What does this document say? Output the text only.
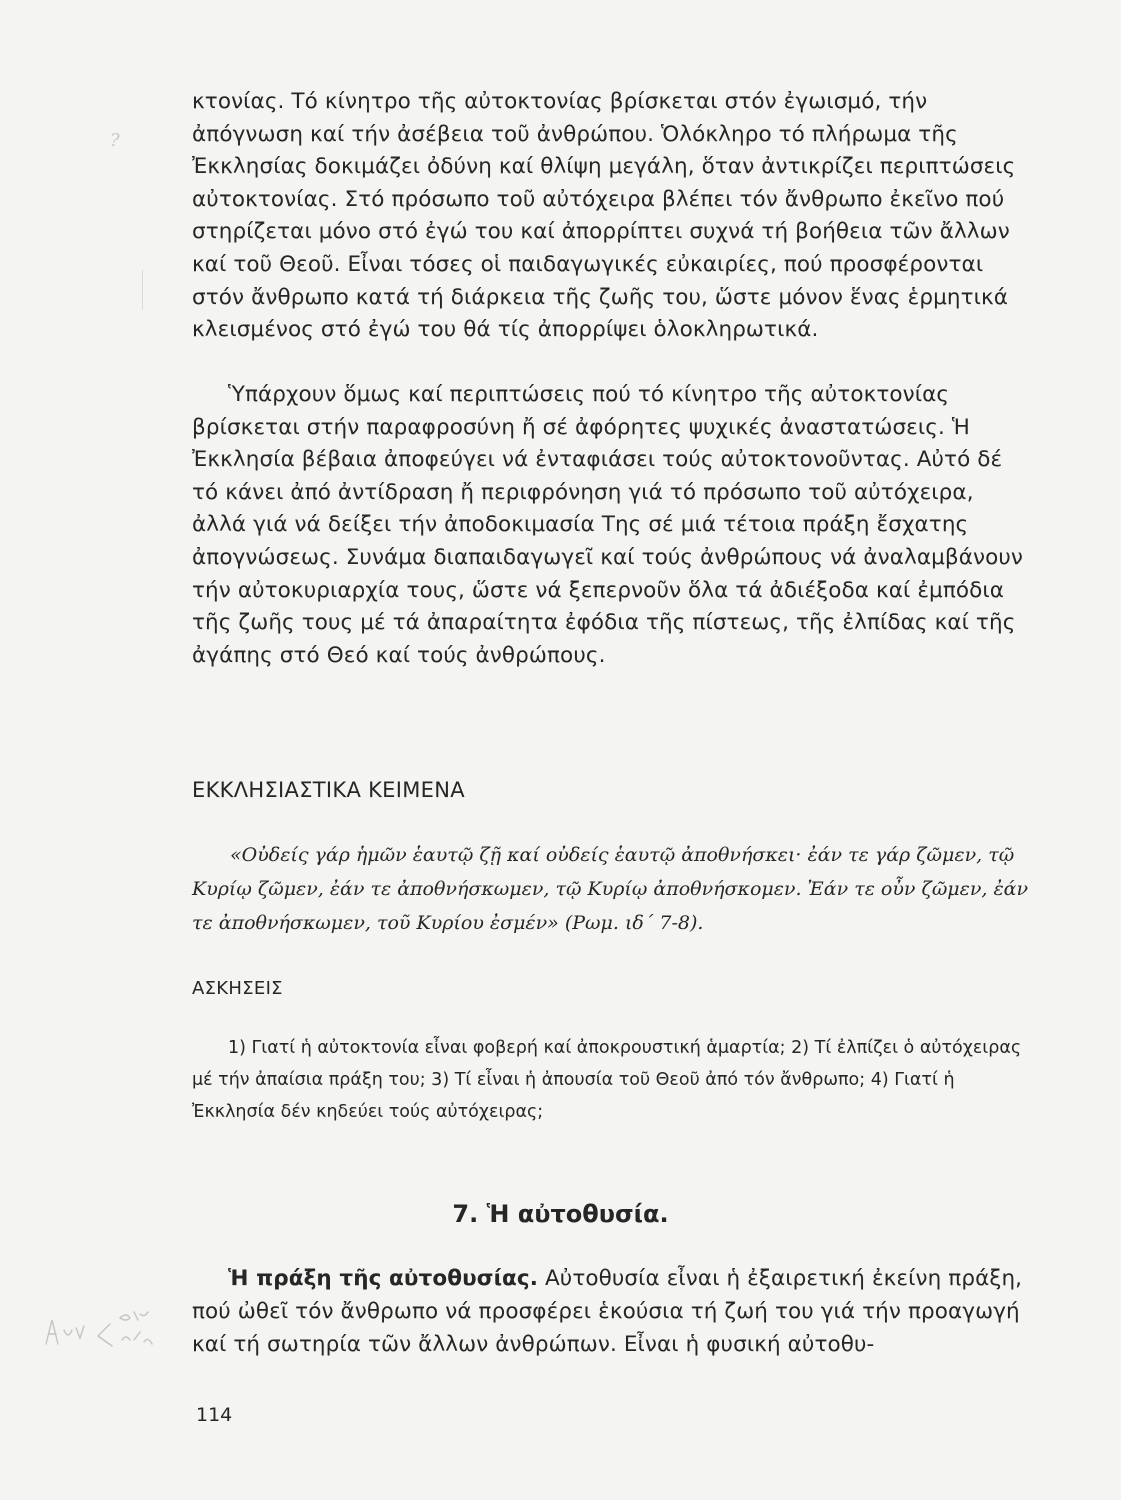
?

κτονίας. Τό κίνητρο τῆς αὐτοκτονίας βρίσκεται στόν ἐγωισμό, τήν ἀπόγνωση καί τήν ἀσέβεια τοῦ ἀνθρώπου. Ὁλόκληρο τό πλήρωμα τῆς Ἐκκλησίας δοκιμάζει ὀδύνη καί θλίψη μεγάλη, ὅταν ἀντικρίζει περιπτώσεις αὐτοκτονίας. Στό πρόσωπο τοῦ αὐτόχειρα βλέπει τόν ἄνθρωπο ἐκεῖνο πού στηρίζεται μόνο στό ἐγώ του καί ἀπορρίπτει συχνά τή βοήθεια τῶν ἄλλων καί τοῦ Θεοῦ. Εἶναι τόσες οἱ παιδαγωγικές εὐκαιρίες, πού προσφέρονται στόν ἄνθρωπο κατά τή διάρκεια τῆς ζωῆς του, ὥστε μόνον ἕνας ἑρμητικά κλεισμένος στό ἐγώ του θά τίς ἀπορρίψει ὁλοκληρωτικά.

Ὑπάρχουν ὅμως καί περιπτώσεις πού τό κίνητρο τῆς αὐτοκτονίας βρίσκεται στήν παραφροσύνη ἤ σέ ἀφόρητες ψυχικές ἀναστατώσεις. Ἡ Ἐκκλησία βέβαια ἀποφεύγει νά ἐνταφιάσει τούς αὐτοκτονοῦντας. Αὐτό δέ τό κάνει ἀπό ἀντίδραση ἤ περιφρόνηση γιά τό πρόσωπο τοῦ αὐτόχειρα, ἀλλά γιά νά δείξει τήν ἀποδοκιμασία Της σέ μιά τέτοια πράξη ἔσχατης ἀπογνώσεως. Συνάμα διαπαιδαγωγεῖ καί τούς ἀνθρώπους νά ἀναλαμβάνουν τήν αὐτοκυριαρχία τους, ὥστε νά ξεπερνοῦν ὅλα τά ἀδιέξοδα καί ἐμπόδια τῆς ζωῆς τους μέ τά ἀπαραίτητα ἐφόδια τῆς πίστεως, τῆς ἐλπίδας καί τῆς ἀγάπης στό Θεό καί τούς ἀνθρώπους.

ΕΚΚΛΗΣΙΑΣΤΙΚΑ ΚΕΙΜΕΝΑ

«Οὐδείς γάρ ἡμῶν ἑαυτῷ ζῇ καί οὐδείς ἑαυτῷ ἀποθνήσκει· ἐάν τε γάρ ζῶμεν, τῷ Κυρίῳ ζῶμεν, ἐάν τε ἀποθνήσκωμεν, τῷ Κυρίῳ ἀποθνήσκομεν. Ἐάν τε οὖν ζῶμεν, ἐάν τε ἀποθνήσκωμεν, τοῦ Κυρίου ἐσμέν» (Ρωμ. ιδ΄ 7-8).

ΑΣΚΗΣΕΙΣ

1) Γιατί ἡ αὐτοκτονία εἶναι φοβερή καί ἀποκρουστική ἁμαρτία; 2) Τί ἐλπίζει ὁ αὐτόχειρας μέ τήν ἀπαίσια πράξη του; 3) Τί εἶναι ἡ ἀπουσία τοῦ Θεοῦ ἀπό τόν ἄνθρωπο; 4) Γιατί ἡ Ἐκκλησία δέν κηδεύει τούς αὐτόχειρας;

7. Ἡ αὐτοθυσία.

Ἡ πράξη τῆς αὐτοθυσίας. Αὐτοθυσία εἶναι ἡ ἐξαιρετική ἐκείνη πράξη, πού ὠθεῖ τόν ἄνθρωπο νά προσφέρει ἑκούσια τή ζωή του γιά τήν προαγωγή καί τή σωτηρία τῶν ἄλλων ἀνθρώπων. Εἶναι ἡ φυσική αὐτοθυ-

114
